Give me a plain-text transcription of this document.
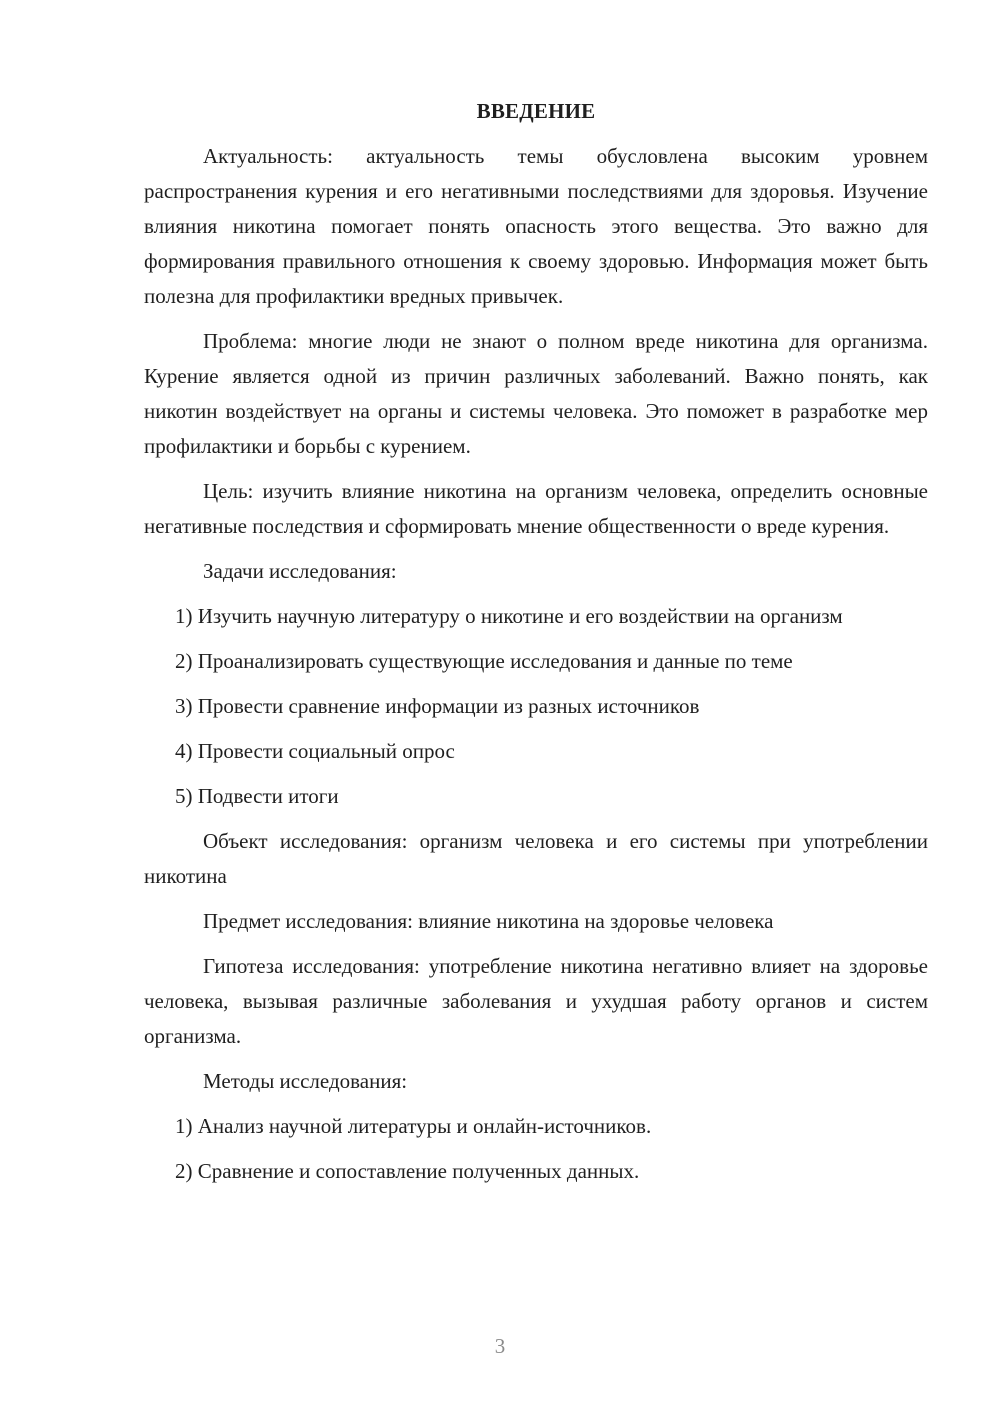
ВВЕДЕНИЕ
Актуальность: актуальность темы обусловлена высоким уровнем распространения курения и его негативными последствиями для здоровья. Изучение влияния никотина помогает понять опасность этого вещества. Это важно для формирования правильного отношения к своему здоровью. Информация может быть полезна для профилактики вредных привычек.
Проблема: многие люди не знают о полном вреде никотина для организма. Курение является одной из причин различных заболеваний. Важно понять, как никотин воздействует на органы и системы человека. Это поможет в разработке мер профилактики и борьбы с курением.
Цель: изучить влияние никотина на организм человека, определить основные негативные последствия и сформировать мнение общественности о вреде курения.
Задачи исследования:
1) Изучить научную литературу о никотине и его воздействии на организм
2) Проанализировать существующие исследования и данные по теме
3) Провести сравнение информации из разных источников
4) Провести социальный опрос
5) Подвести итоги
Объект исследования: организм человека и его системы при употреблении никотина
Предмет исследования: влияние никотина на здоровье человека
Гипотеза исследования: употребление никотина негативно влияет на здоровье человека, вызывая различные заболевания и ухудшая работу органов и систем организма.
Методы исследования:
1) Анализ научной литературы и онлайн-источников.
2) Сравнение и сопоставление полученных данных.
3
